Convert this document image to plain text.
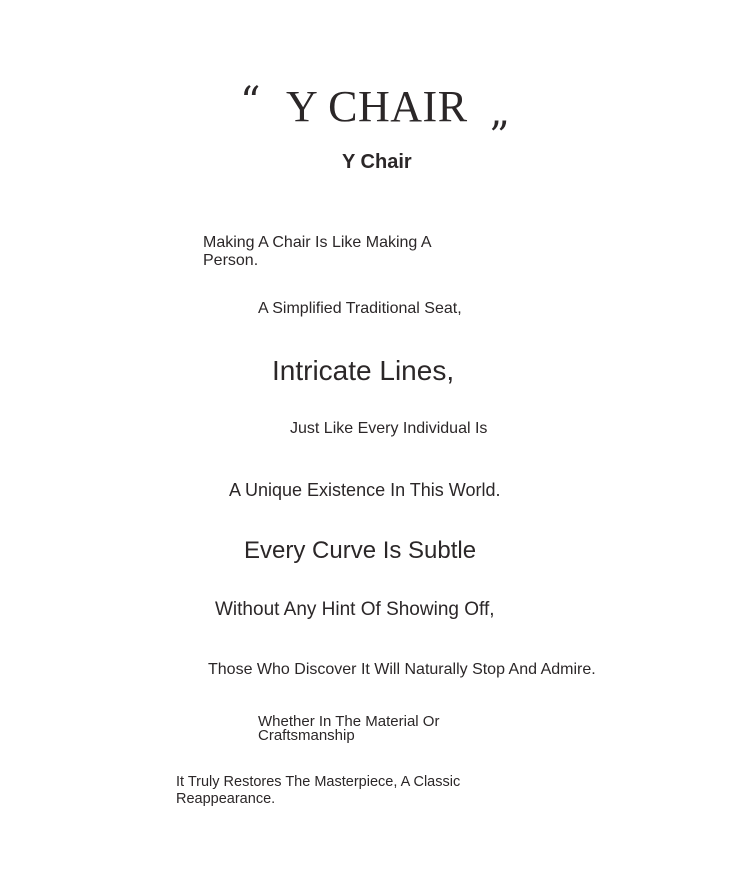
“ Y CHAIR
”
Y Chair
Making A Chair Is Like Making A Person.
A Simplified Traditional Seat,
Intricate Lines,
Just Like Every Individual Is
A Unique Existence In This World.
Every Curve Is Subtle
Without Any Hint Of Showing Off,
Those Who Discover It Will Naturally Stop And Admire.
Whether In The Material Or Craftsmanship
It Truly Restores The Masterpiece, A Classic Reappearance.
